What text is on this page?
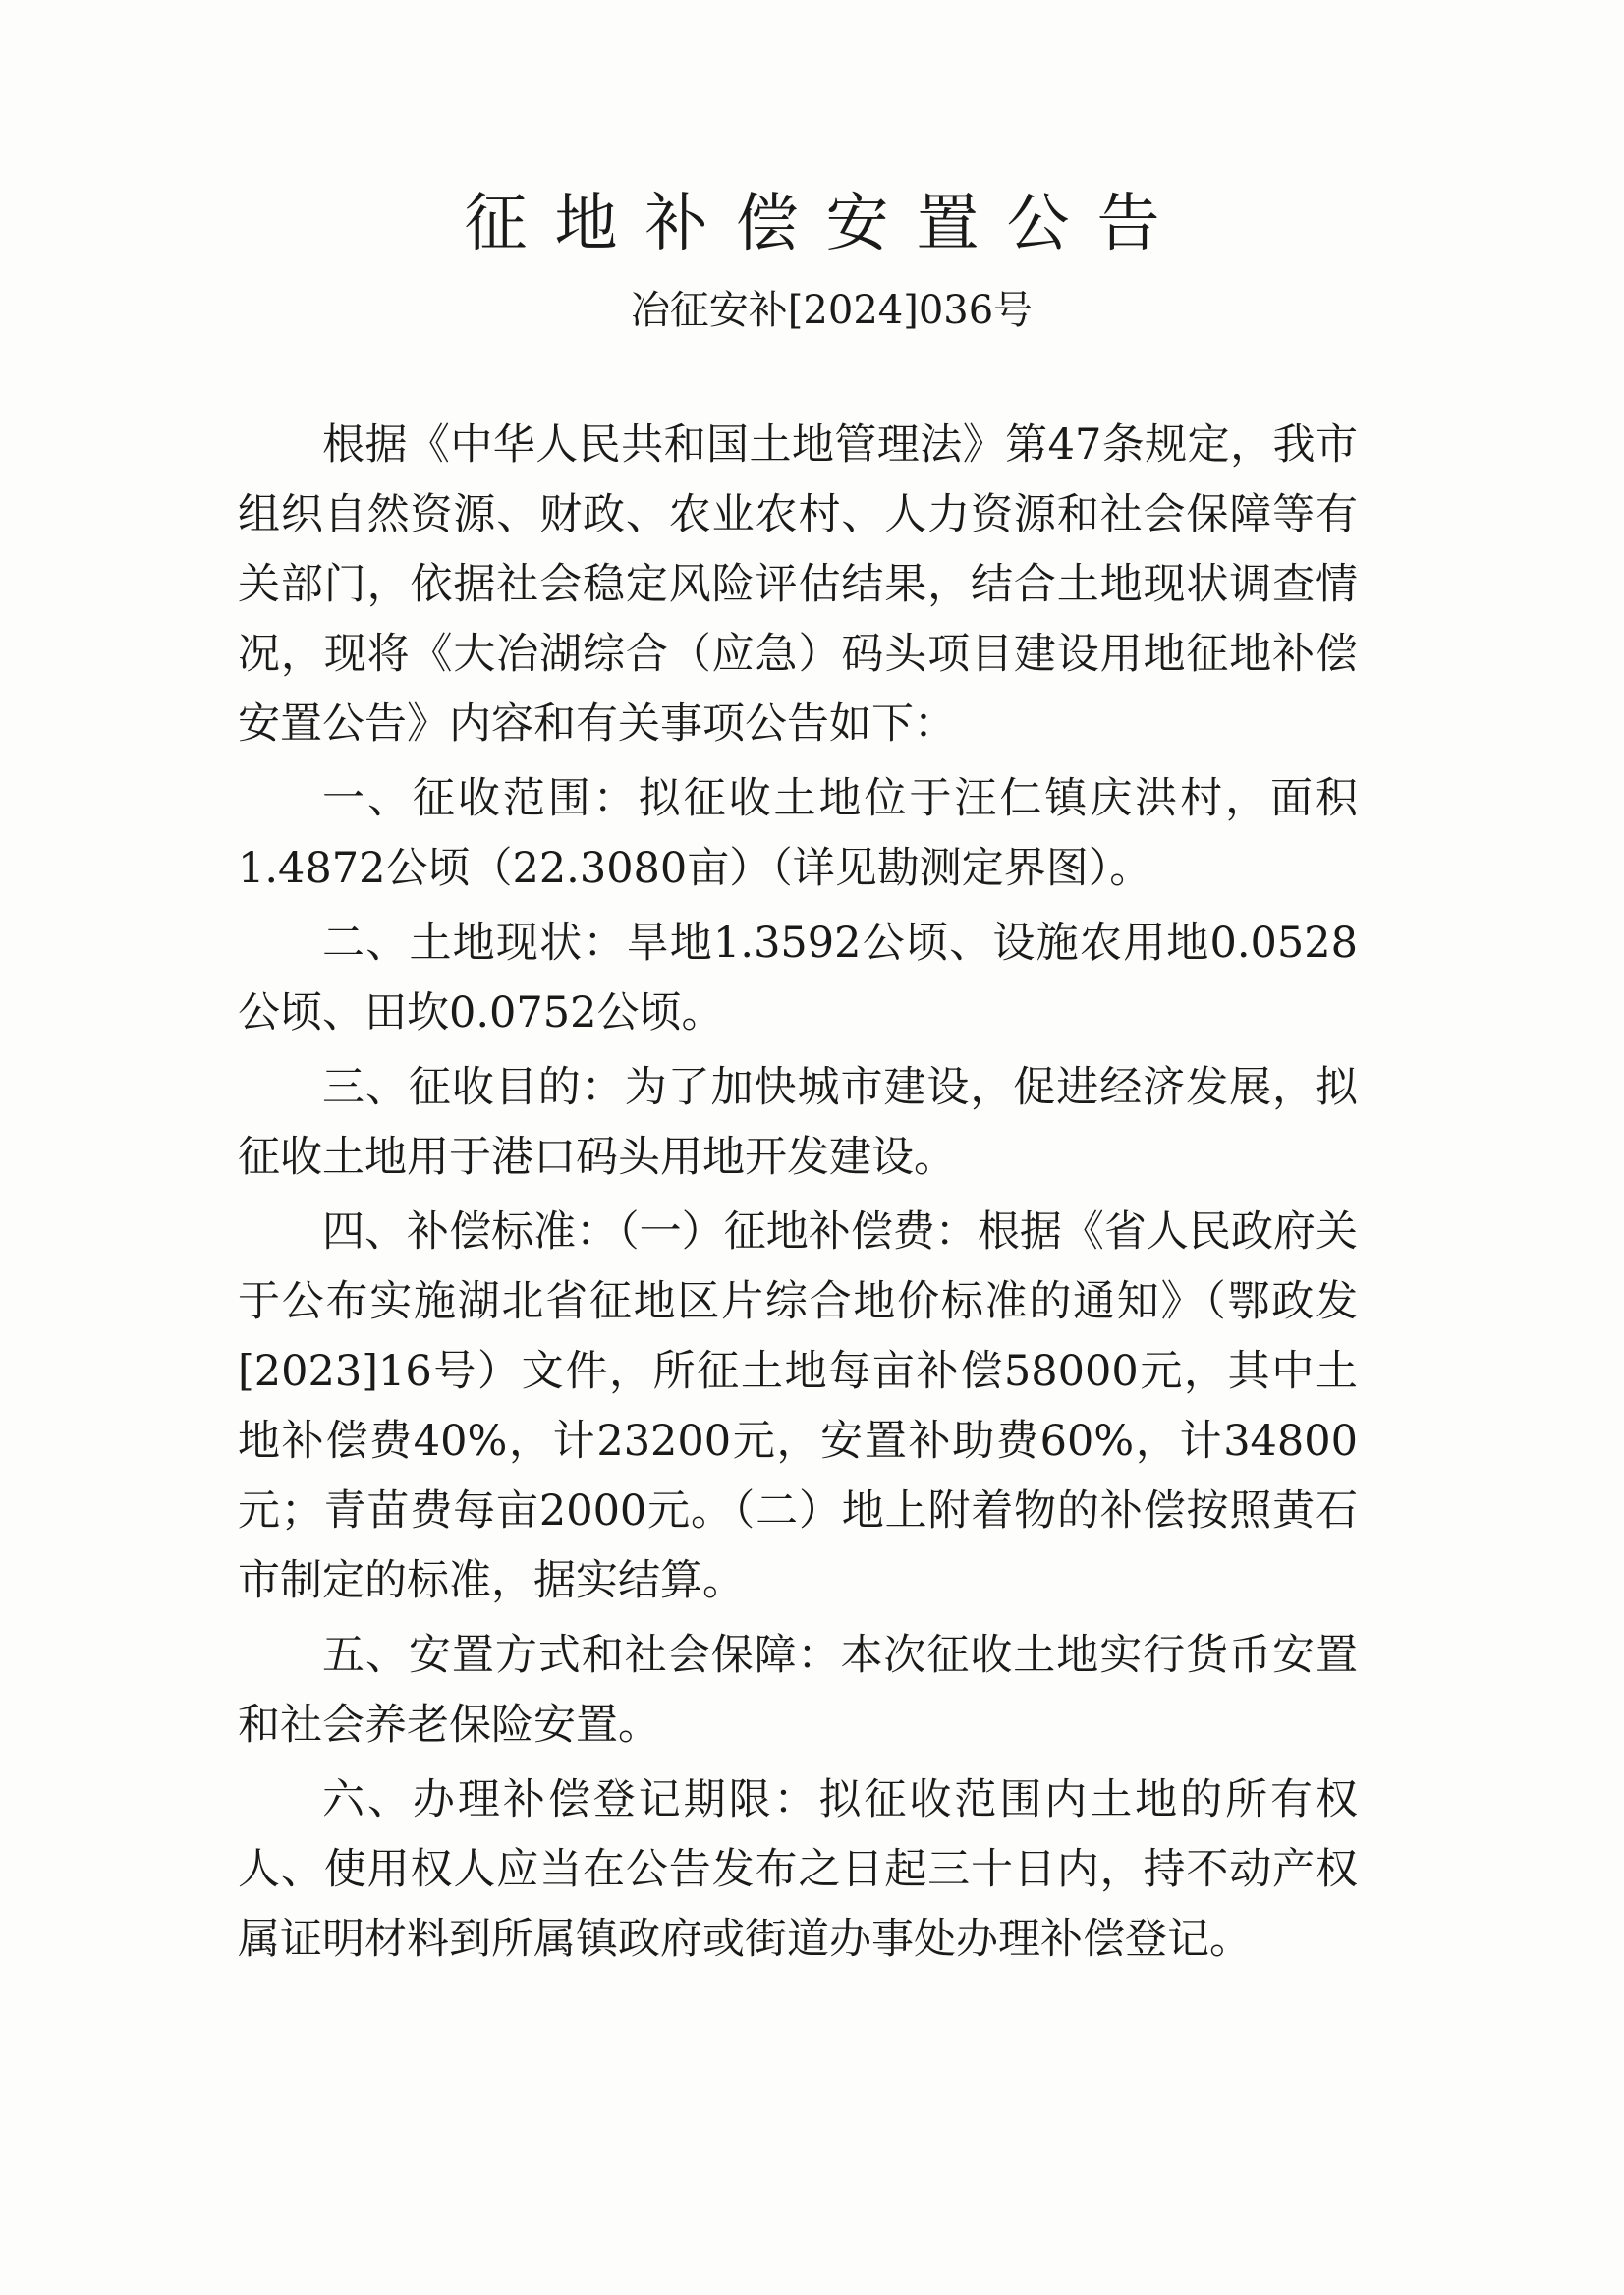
征地补偿安置公告
冶征安补[2024]036号

根据《中华人民共和国土地管理法》第47条规定，我市组织自然资源、财政、农业农村、人力资源和社会保障等有关部门，依据社会稳定风险评估结果，结合土地现状调查情况，现将《大冶湖综合（应急）码头项目建设用地征地补偿安置公告》内容和有关事项公告如下：

一、征收范围：拟征收土地位于汪仁镇庆洪村，面积1.4872公顷（22.3080亩）（详见勘测定界图）。

二、土地现状：旱地1.3592公顷、设施农用地0.0528公顷、田坎0.0752公顷。

三、征收目的：为了加快城市建设，促进经济发展，拟征收土地用于港口码头用地开发建设。

四、补偿标准：（一）征地补偿费：根据《省人民政府关于公布实施湖北省征地区片综合地价标准的通知》（鄂政发[2023]16号）文件，所征土地每亩补偿58000元，其中土地补偿费40%，计23200元，安置补助费60%，计34800元；青苗费每亩2000元。（二）地上附着物的补偿按照黄石市制定的标准，据实结算。

五、安置方式和社会保障：本次征收土地实行货币安置和社会养老保险安置。

六、办理补偿登记期限：拟征收范围内土地的所有权人、使用权人应当在公告发布之日起三十日内，持不动产权属证明材料到所属镇政府或街道办事处办理补偿登记。
